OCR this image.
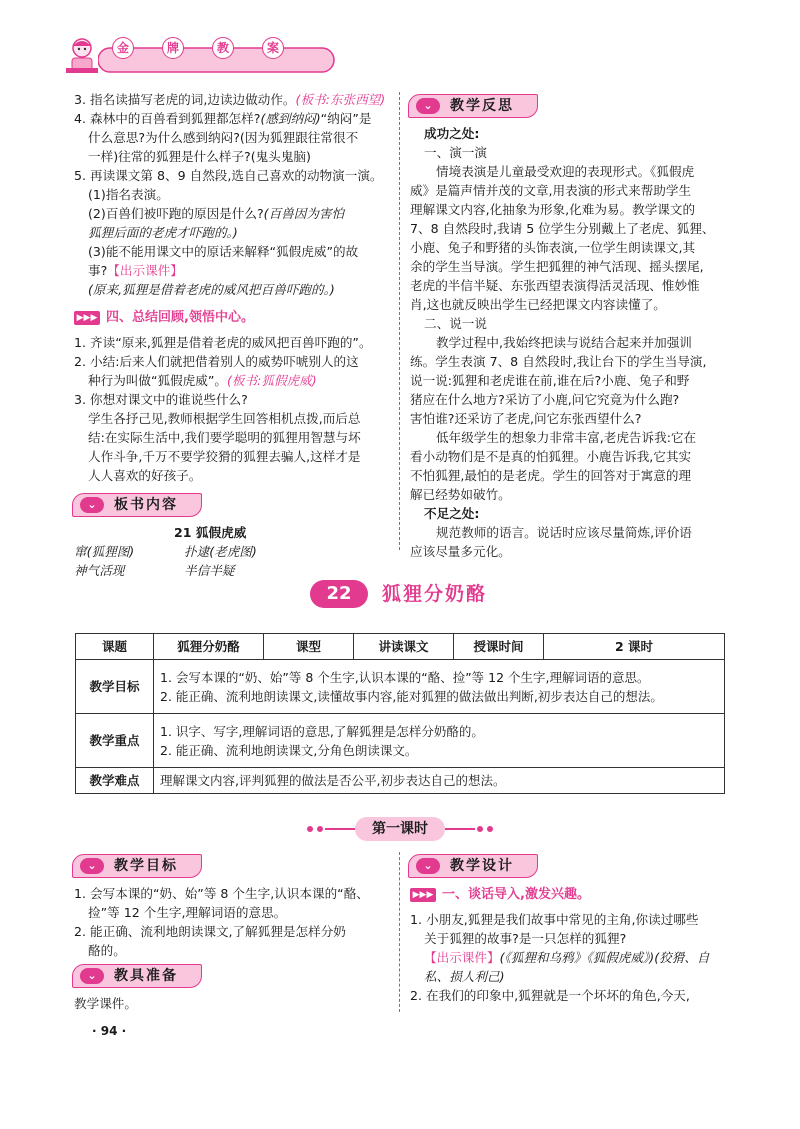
金	牌	教	案
3. 指名读描写老虎的词,边读边做动作。(板书:东张西望)
4. 森林中的百兽看到狐狸都怎样?(感到纳闷)“纳闷”是
什么意思?为什么感到纳闷?(因为狐狸跟往常很不
一样)往常的狐狸是什么样子?(鬼头鬼脑)
5. 再读课文第 8、9 自然段,选自己喜欢的动物演一演。
(1)指名表演。
(2)百兽们被吓跑的原因是什么?(百兽因为害怕
狐狸后面的老虎才吓跑的。)
(3)能不能用课文中的原话来解释“狐假虎威”的故
事?【出示课件】
(原来,狐狸是借着老虎的威风把百兽吓跑的。)
▶▶▶ 四、总结回顾,领悟中心。
1. 齐读“原来,狐狸是借着老虎的威风把百兽吓跑的”。
2. 小结:后来人们就把借着别人的威势吓唬别人的这
种行为叫做“狐假虎威”。(板书:狐假虎威)
3. 你想对课文中的谁说些什么?
学生各抒己见,教师根据学生回答相机点拨,而后总
结:在实际生活中,我们要学聪明的狐狸用智慧与坏
人作斗争,千万不要学狡猾的狐狸去骗人,这样才是
人人喜欢的好孩子。
⌄	板书内容
21 狐假虎威
窜(狐狸图)	扑逮(老虎图)
神气活现	半信半疑
⌄	教学反思
成功之处:
一、演一演
情境表演是儿童最受欢迎的表现形式。《狐假虎
威》是篇声情并茂的文章,用表演的形式来帮助学生
理解课文内容,化抽象为形象,化难为易。教学课文的
7、8 自然段时,我请 5 位学生分别戴上了老虎、狐狸、
小鹿、兔子和野猪的头饰表演,一位学生朗读课文,其
余的学生当导演。学生把狐狸的神气活现、摇头摆尾,
老虎的半信半疑、东张西望表演得活灵活现、惟妙惟
肖,这也就反映出学生已经把课文内容读懂了。
二、说一说
教学过程中,我始终把读与说结合起来并加强训
练。学生表演 7、8 自然段时,我让台下的学生当导演,
说一说:狐狸和老虎谁在前,谁在后?小鹿、兔子和野
猪应在什么地方?采访了小鹿,问它究竟为什么跑?
害怕谁?还采访了老虎,问它东张西望什么?
低年级学生的想象力非常丰富,老虎告诉我:它在
看小动物们是不是真的怕狐狸。小鹿告诉我,它其实
不怕狐狸,最怕的是老虎。学生的回答对于寓意的理
解已经势如破竹。
不足之处:
规范教师的语言。说话时应该尽量简炼,评价语
应该尽量多元化。
22	狐狸分奶酪
课题	狐狸分奶酪	课型	讲读课文	授课时间	2 课时
教学目标	1. 会写本课的“奶、始”等 8 个生字,认识本课的“酪、捡”等 12 个生字,理解词语的意思。
2. 能正确、流利地朗读课文,读懂故事内容,能对狐狸的做法做出判断,初步表达自己的想法。				

教学重点	1. 识字、写字,理解词语的意思,了解狐狸是怎样分奶酪的。
2. 能正确、流利地朗读课文,分角色朗读课文。				

教学难点	理解课文内容,评判狐狸的做法是否公平,初步表达自己的想法。				
第一课时
⌄	教学目标
1. 会写本课的“奶、始”等 8 个生字,认识本课的“酪、
捡”等 12 个生字,理解词语的意思。
2. 能正确、流利地朗读课文,了解狐狸是怎样分奶
酪的。
⌄	教具准备
教学课件。
⌄	教学设计
▶▶▶ 一、谈话导入,激发兴趣。
1. 小朋友,狐狸是我们故事中常见的主角,你读过哪些
关于狐狸的故事?是一只怎样的狐狸?
【出示课件】(《狐狸和乌鸦》《狐假虎威》)(狡猾、自
私、损人利己)
2. 在我们的印象中,狐狸就是一个坏坏的角色,今天,
· 94 ·
